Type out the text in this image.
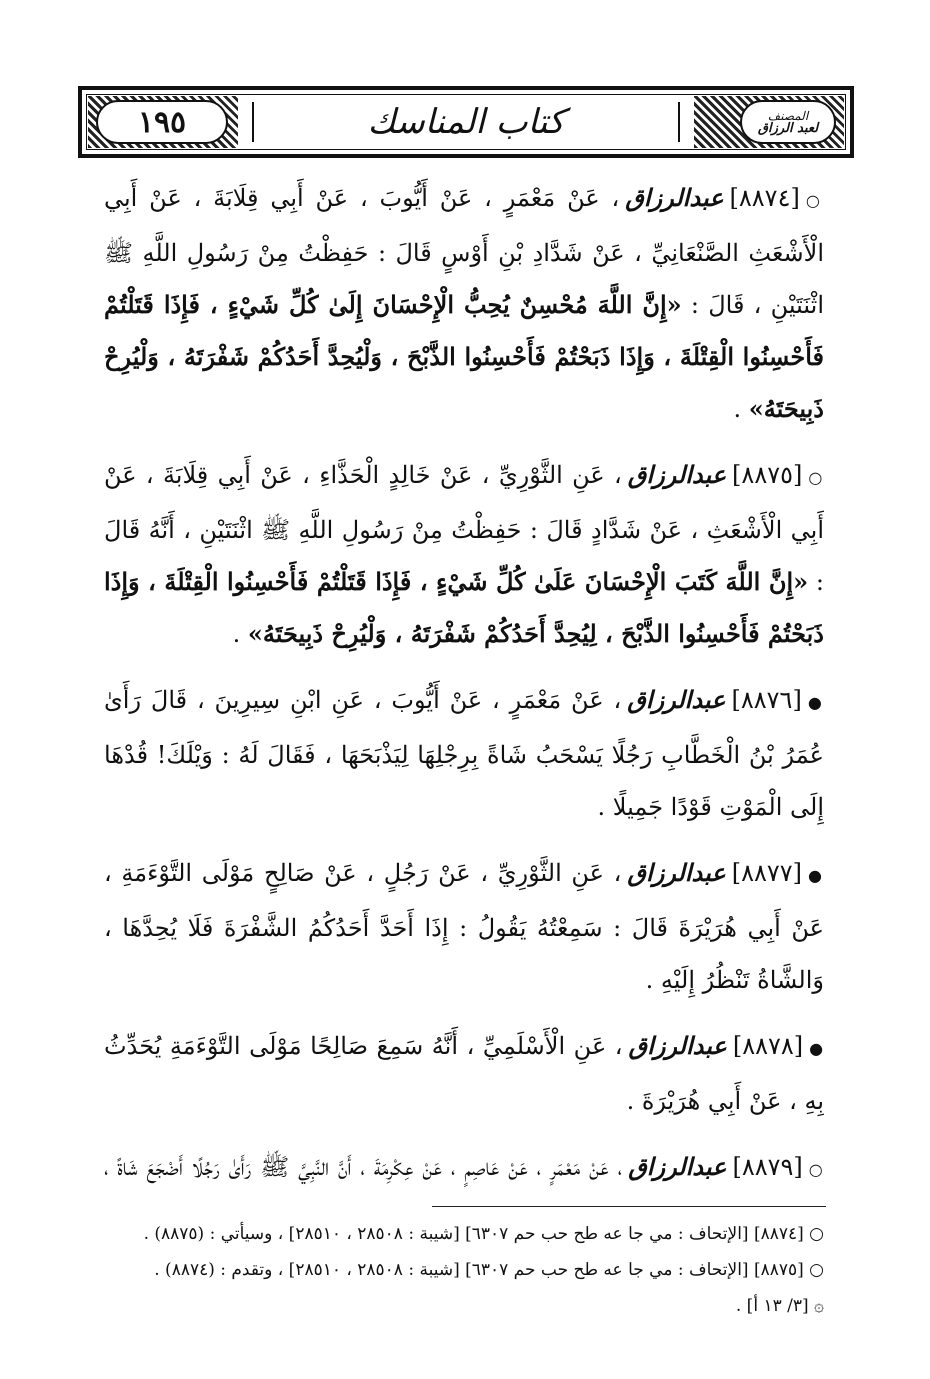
١٩٥	المصنف
لعبد الرزاق
كتاب المناسك

○[٨٨٧٤]عبدالرزاق، عَنْ مَعْمَرٍ ، عَنْ أَيُّوبَ ، عَنْ أَبِي قِلَابَةَ ، عَنْ أَبِي الْأَشْعَثِ الصَّنْعَانِيِّ ، عَنْ شَدَّادِ بْنِ أَوْسٍ قَالَ : حَفِظْتُ مِنْ رَسُولِ اللَّهِ ﷺ اثْنَتَيْنِ ، قَالَ : «إِنَّ اللَّهَ مُحْسِنٌ يُحِبُّ الْإِحْسَانَ إِلَىٰ كُلِّ شَيْءٍ ، فَإِذَا قَتَلْتُمْ فَأَحْسِنُوا الْقِتْلَةَ ، وَإِذَا ذَبَحْتُمْ فَأَحْسِنُوا الذَّبْحَ ، وَلْيُحِدَّ أَحَدُكُمْ شَفْرَتَهُ ، وَلْيُرِحْ ذَبِيحَتَهُ» .

○[٨٨٧٥]عبدالرزاق، عَنِ الثَّوْرِيِّ ، عَنْ خَالِدٍ الْحَذَّاءِ ، عَنْ أَبِي قِلَابَةَ ، عَنْ أَبِي الْأَشْعَثِ ، عَنْ شَدَّادٍ قَالَ : حَفِظْتُ مِنْ رَسُولِ اللَّهِ ﷺ اثْنَتَيْنِ ، أَنَّهُ قَالَ : «إِنَّ اللَّهَ كَتَبَ الْإِحْسَانَ عَلَىٰ كُلِّ شَيْءٍ ، فَإِذَا قَتَلْتُمْ فَأَحْسِنُوا الْقِتْلَةَ ، وَإِذَا ذَبَحْتُمْ فَأَحْسِنُوا الذَّبْحَ ، لِيُحِدَّ أَحَدُكُمْ شَفْرَتَهُ ، وَلْيُرِحْ ذَبِيحَتَهُ» .

●[٨٨٧٦]عبدالرزاق، عَنْ مَعْمَرٍ ، عَنْ أَيُّوبَ ، عَنِ ابْنِ سِيرِينَ ، قَالَ رَأَىٰ عُمَرُ بْنُ الْخَطَّابِ رَجُلًا يَسْحَبُ شَاةً بِرِجْلِهَا لِيَذْبَحَهَا ، فَقَالَ لَهُ : وَيْلَكَ! قُدْهَا إِلَى الْمَوْتِ قَوْدًا جَمِيلًا .

●[٨٨٧٧]عبدالرزاق، عَنِ الثَّوْرِيِّ ، عَنْ رَجُلٍ ، عَنْ صَالِحٍ مَوْلَى التَّوْءَمَةِ ، عَنْ أَبِي هُرَيْرَةَ قَالَ : سَمِعْتُهُ يَقُولُ : إِذَا أَحَدَّ أَحَدُكُمُ الشَّفْرَةَ فَلَا يُحِدَّهَا ، وَالشَّاةُ تَنْظُرُ إِلَيْهِ .

●[٨٨٧٨]عبدالرزاق، عَنِ الْأَسْلَمِيِّ ، أَنَّهُ سَمِعَ صَالِحًا مَوْلَى التَّوْءَمَةِ يُحَدِّثُ بِهِ ، عَنْ أَبِي هُرَيْرَةَ .

○[٨٨٧٩]عبدالرزاق، عَنْ مَعْمَرٍ ، عَنْ عَاصِمٍ ، عَنْ عِكْرِمَةَ ، أَنَّ النَّبِيَّ ﷺ رَأَىٰ رَجُلًا أَضْجَعَ شَاةً ،

○ [٨٨٧٤] [الإتحاف : مي جا عه طح حب حم ٦٣٠٧] [شيبة : ٢٨٥٠٨ ، ٢٨٥١٠] ، وسيأتي : (٨٨٧٥) .
○ [٨٨٧٥] [الإتحاف : مي جا عه طح حب حم ٦٣٠٧] [شيبة : ٢٨٥٠٨ ، ٢٨٥١٠] ، وتقدم : (٨٨٧٤) .
۞ [٣/ ١٣ أ] .
